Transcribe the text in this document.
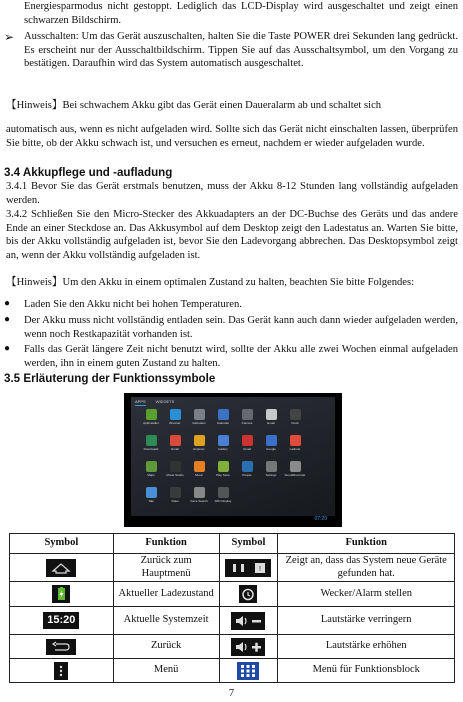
Energiesparmodus nicht gestoppt. Lediglich das LCD-Display wird ausgeschaltet und zeigt einen schwarzen Bildschirm.

➢ Ausschalten: Um das Gerät auszuschalten, halten Sie die Taste POWER drei Sekunden lang gedrückt. Es erscheint nur der Ausschaltbildschirm. Tippen Sie auf das Ausschaltsymbol, um den Vorgang zu bestätigen. Daraufhin wird das System automatisch ausgeschaltet.

【Hinweis】Bei schwachem Akku gibt das Gerät einen Daueralarm ab und schaltet sich

automatisch aus, wenn es nicht aufgeladen wird. Sollte sich das Gerät nicht einschalten lassen, überprüfen Sie bitte, ob der Akku schwach ist, und versuchen es erneut, nachdem er wieder aufgeladen wurde.

3.4 Akkupflege und -aufladung

3.4.1 Bevor Sie das Gerät erstmals benutzen, muss der Akku 8-12 Stunden lang vollständig aufgeladen werden.

3.4.2 Schließen Sie den Micro-Stecker des Akkuadapters an der DC-Buchse des Geräts und das andere Ende an einer Steckdose an. Das Akkusymbol auf dem Desktop zeigt den Ladestatus an. Warten Sie bitte, bis der Akku vollständig aufgeladen ist, bevor Sie den Ladevorgang abbrechen. Das Desktopsymbol zeigt an, wenn der Akku vollständig aufgeladen ist.

【Hinweis】Um den Akku in einem optimalen Zustand zu halten, beachten Sie bitte Folgendes:

● Laden Sie den Akku nicht bei hohen Temperaturen.

● Der Akku muss nicht vollständig entladen sein. Das Gerät kann auch dann wieder aufgeladen werden, wenn noch Restkapazität vorhanden ist.

● Falls das Gerät längere Zeit nicht benutzt wird, sollte der Akku alle zwei Wochen einmal aufgeladen werden, ihn in einem guten Zustand zu halten.

3.5 Erläuterung der Funktionssymbole
APPS	WIDGETS
ApkInstaller	Browser	Calculator	Calendar	Camera	Email	Clock
Downloads	Email	Explorer	Gallery	Gmail	Google	Latitude
Maps	Movie Studio	Music	Play Store	People	Settings	SoundRecorder
Talk	Video	Voice Search WiFi Display
07:20
Symbol	Funktion	Symbol	Funktion
	Zurück zum Hauptmenü	!	Zeigt an, dass das System neue Geräte gefunden hat.
	Aktueller Ladezustand		Wecker/Alarm stellen
15:20	Aktuelle Systemzeit		Lautstärke verringern
	Zurück		Lautstärke erhöhen
	Menü		Menü für Funktionsblock
7
